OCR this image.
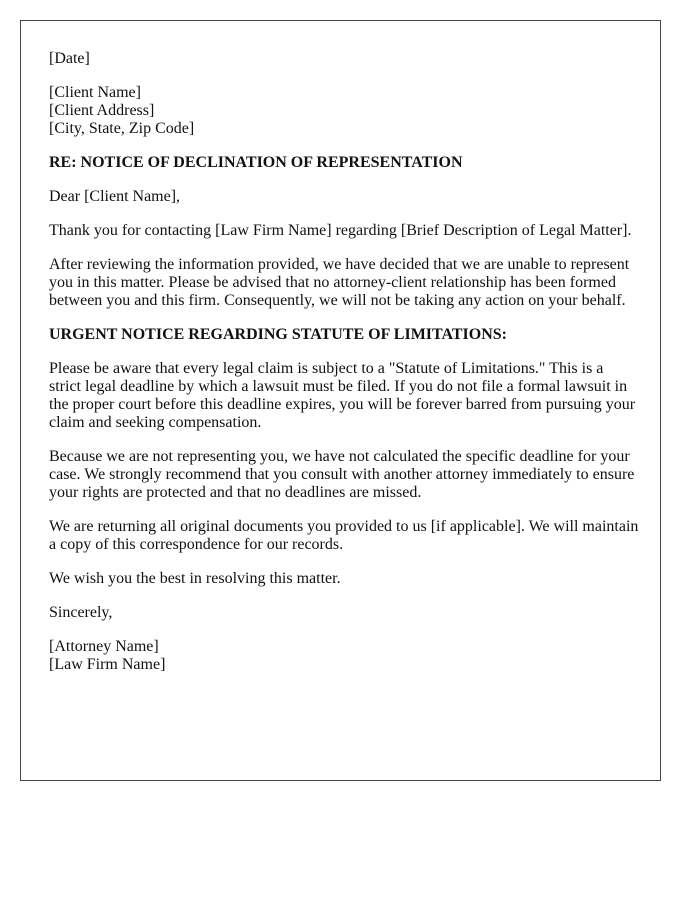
[Date]

[Client Name]
[Client Address]
[City, State, Zip Code]

RE: NOTICE OF DECLINATION OF REPRESENTATION

Dear [Client Name],

Thank you for contacting [Law Firm Name] regarding [Brief Description of Legal Matter].

After reviewing the information provided, we have decided that we are unable to represent you in this matter. Please be advised that no attorney-client relationship has been formed between you and this firm. Consequently, we will not be taking any action on your behalf.

URGENT NOTICE REGARDING STATUTE OF LIMITATIONS:

Please be aware that every legal claim is subject to a "Statute of Limitations." This is a strict legal deadline by which a lawsuit must be filed. If you do not file a formal lawsuit in the proper court before this deadline expires, you will be forever barred from pursuing your claim and seeking compensation.

Because we are not representing you, we have not calculated the specific deadline for your case. We strongly recommend that you consult with another attorney immediately to ensure your rights are protected and that no deadlines are missed.

We are returning all original documents you provided to us [if applicable]. We will maintain a copy of this correspondence for our records.

We wish you the best in resolving this matter.

Sincerely,

[Attorney Name]
[Law Firm Name]
